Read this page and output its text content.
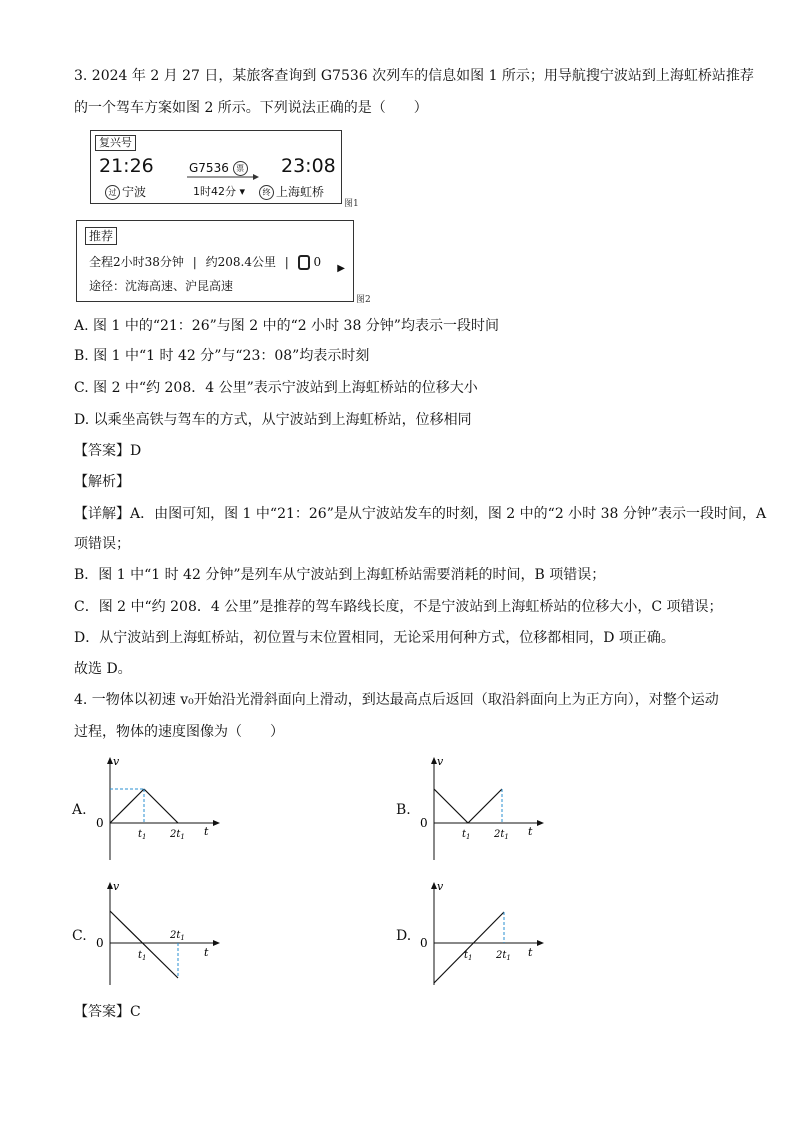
3. 2024 年 2 月 27 日，某旅客查询到 G7536 次列车的信息如图 1 所示；用导航搜宁波站到上海虹桥站推荐
的一个驾车方案如图 2 所示。下列说法正确的是（　　）
复兴号
21:26	G7536 票 23:08
过 宁波	1时42分 ▾	终 上海虹桥
图1
推荐
全程2小时38分钟 | 约208.4公里 | 0 ▶
途径：沈海高速、沪昆高速
图2
A. 图 1 中的“21：26”与图 2 中的“2 小时 38 分钟”均表示一段时间
B. 图 1 中“1 时 42 分”与“23：08”均表示时刻
C. 图 2 中“约 208．4 公里”表示宁波站到上海虹桥站的位移大小
D. 以乘坐高铁与驾车的方式，从宁波站到上海虹桥站，位移相同
【答案】D
【解析】
【详解】A．由图可知，图 1 中“21：26”是从宁波站发车的时刻，图 2 中的“2 小时 38 分钟”表示一段时间，A
项错误；
B．图 1 中“1 时 42 分钟”是列车从宁波站到上海虹桥站需要消耗的时间，B 项错误；
C．图 2 中“约 208．4 公里”是推荐的驾车路线长度，不是宁波站到上海虹桥站的位移大小，C 项错误；
D．从宁波站到上海虹桥站，初位置与末位置相同，无论采用何种方式，位移都相同，D 项正确。
故选 D。
4. 一物体以初速 v₀开始沿光滑斜面向上滑动，到达最高点后返回（取沿斜面向上为正方向），对整个运动
过程，物体的速度图像为（　　）
A.
v
0
$t_1$ $2t_1$ t
B.
v
0
$t_1$ $2t_1$ t
C.
v
0
$t_1$
$2t_1$
t
D.
v
0
$t_1$ $2t_1$ t
【答案】C
